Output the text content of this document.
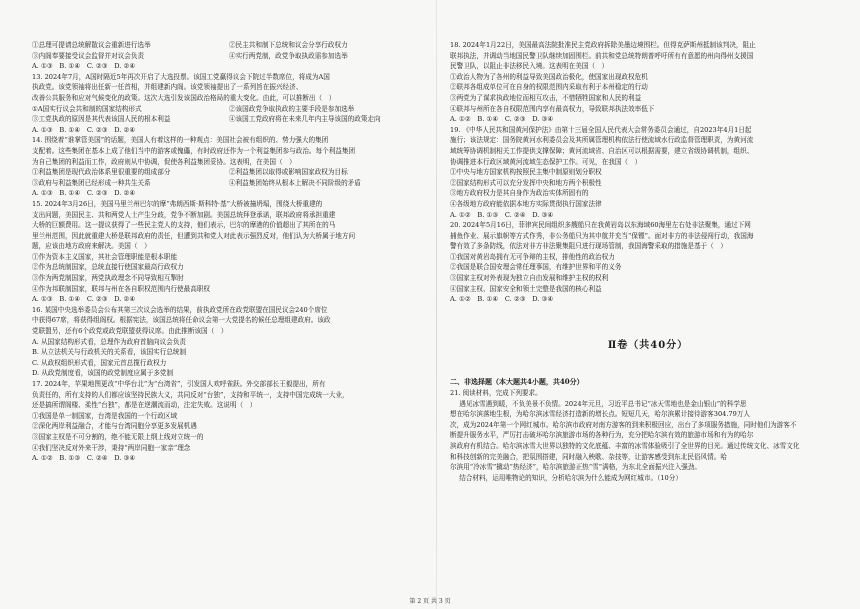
①总理可提请总统解散议会重新进行选举	②民主共和制下总统和议会分享行政权力
③内阁奉要接受议会监督并对议会负责	④实行两党制，政党争取执政需参加选举

A. ①③　B. ①④　C. ②③　D. ②④

13. 2024年7月，A国时隔近5年再次开启了大选投票。该国工党赢得议会下院过半数席位，将成为A国

执政党。该党领袖将出任新一任首相，并组建新内阁。该党领袖提出了一系列旨在振兴经济、

改善公共服务和应对气候变化的政策。这次大选引发该国政治格局的重大变化。由此，可以推断出（　）

①A国实行议会共和制的国家结构形式	②该国政党争取执政的主要手段是参加选举
③工党执政的原因是其代表该国人民的根本利益	④该国工党政府将在未来几年内主导该国的政策走向

A. ①③　B. ①④　C. ②③　D. ②④

14. 围绕着“谁掌管美国”的话题，美国人有着这样的一种观点：美国社会被有组织的、势力强大的集团

支配着。这些集团在基本上成了他们当中的游客或傀儡，有时政府还作为一个利益集团参与政治。每个利益集团

为自己集团的利益而工作，政府则从中协调，促使各利益集团妥协。这表明，在美国（　）

①利益集团是现代政治体系里很重要的组成部分	②利益集团以取得或影响国家政权为目标
③政府与利益集团已经形成一种共生关系	④利益集团始终从根本上解决不同阶级的矛盾

A. ①③　B. ①④　C. ②③　D. ②④

15. 2024年3月26日，美国马里兰州巴尔的摩“弗朗西斯·斯科特·基”大桥被撞坍塌，围绕大桥重建的

支出问题，美国民主、共和两党人士产生分歧，党争不断加剧。美国总统拜登承诺，联邦政府将承担重建

大桥的巨额费用。这一提议获得了一些民主党人的支持，他们表示，巴尔的摩港的价值超出了其所在的马

里兰州范围，因此就重建大桥是联邦政府的责任，但遭到共和党人对此表示强烈反对，他们认为大桥属于地方问

题，应该由地方政府来解决。美国（　）

①作为资本主义国家，其社会管理职能是根本职能

②作为总统制国家，总统直接行使国家最高行政权力

③作为两党制国家，两党执政理念不同导致相互掣肘

④作为邦联制国家，联邦与州在各自职权范围内行使最高职权

A. ①③　B. ①④　C. ②③　D. ②④

16. 某国中央选举委员会公布其第三次议会选举的结果，前执政党所在政党联盟在国民议会240个席位

中获得67席，将获得组阁权。根据宪法，该国总统将任命议会第一大党提名的候任总理组建政府。该政

党联盟另，还有6个政党或政党联盟获得议席。由此推断该国（　）

A. 从国家结构形式看，总理作为政府首脑向议会负责

B. 从立法机关与行政机关的关系看，该国实行总统制

C. 从政权组织形式看，国家元首总揽行政权力

D. 从政党制度看，该国的政党制度应属于多党制

17. 2024年，苹果地图更改“中华台北”为“台湾省”，引发国人欢呼雀跃。外交部部长王毅提出，所有

负责任的，所有支持的人们都应该坚持民族大义，共同反对“台独”，支持和平统一，支持中国完成统一大业，

还是搞所谓阁楼、柔性“台独”，都是在逆潮流而动，注定失败。这说明（　）

①我国是单一制国家，台湾是我国的一个行政区域

②深化两岸利益融合，才能与台湾同胞分享更多发展机遇

③国家主权是不可分割的，绝不能无限上纲上线对立统一的

④我们坚决反对外来干涉，秉持“两岸同胞一家亲”理念

A. ①②　B. ①③　C. ②④　D. ③④

18. 2024年1月22日，美国最高法院批准民主党政府拆除美墨边境围栏。但得克萨斯州抵制该判决，阻止

联邦执法，并调动当地国民警卫队继续加固围栏。前共和党总统特朗普呼吁所有有意愿的州向得州支援国

民警卫队，以阻止非法移民入境。这表明在美国（　）

①政治人物为了各州的利益导致美国政治极化，使国家出现政权危机

②联邦各组成单位可在自身的权限范围内采取有利于本州稳定的行动

③两党为了谋求执政地位而相互攻击，不惜牺牲国家和人民的利益

④联邦与州所在各自权限范围内享有最高权力，导致联邦执法效率低下

A. ①②　B. ①④　C. ②③　D. ③④

19. 《中华人民共和国黄河保护法》由第十三届全国人民代表大会常务委员会通过，自2023年4月1日起

施行；该法规定：国务院黄河水利委员会及其所属管理机构依法行使流域水行政监督管理职责，为黄河流

域统筹协调机制相关工作提供支撑保障；黄河流域省、自治区可以根据需要，建立省级协调机制，组织、

协调推进本行政区域黄河流域生态保护工作。可见，在我国（　）

①中央与地方国家机构按照民主集中制原则划分职权

②国家结构形式可以充分发挥中央和地方两个积极性

③地方政府权力是其自身作为政治实体所固有的

④各级地方政府能依据本地方实际贯彻执行国家法律

A. ①②　B. ①③　C. ②④　D. ③④

20. 2024年5月16日，菲律宾民间组织多艘船只在我黄岩岛以东海域60海里左右处非法聚集，通过下网

捕鱼作业、展示旗帜等方式作秀，非公务船只为其申航并充当“保镖”。面对非方的非法侵闯行动，我国海

警有效了多条防线，依法对非方非法聚集阻只进行现场管制，我国海警采取的措施是基于（　）

①我国对黄岩岛拥有无可争辩的主权，排他性的政治权力

②我国是联合国安理会常任理事国，有维护世界和平的义务

③国家主权对外表现为独立自由发展和维护主权的权利

④国家主权、国家安全和领土完整是我国的核心利益

A. ①②　B. ①④　C. ②③　D. ③④

Ⅱ卷（共40分）

二、非选择题（本大题共4小题，共40分）

21. 阅读材料，完成下列要求。

遇见冰雪遇到暖，不负美景不负情。2024年元旦，习近平总书记“冰天雪地也是金山银山”的科学思

想在哈尔滨落地生根，为哈尔滨冰雪经济打造新的增长点。短短几天，哈尔滨累计接待游客304.79万人

次，成为2024年第一个网红城市。哈尔滨市政府对南方游客的到来积极回应，出台了多项服务措施，同时他们为游客不

断提升服务水平，严厉打击破坏哈尔滨旅游市场的各种行为，充分把哈尔滨有效的旅游市场和有为的哈尔

滨政府有机结合。哈尔滨冰雪大世界以独特的文化底蕴、丰富的冰雪体验吸引了全世界的目光。通过传统文化、冰雪文化

和科技创新的完美融合，把氛围搭建，同时融入秧歌、杂技等，让游客感受到东北民俗风情。哈

尔滨用“冷冰雪”撬动“热经济”，哈尔滨旅游正热“雪”满格，为东北全面振兴注入强劲。

结合材料，运用唯物论的知识，分析哈尔滨为什么能成为网红城市。（10分）

第 2 页 共 3 页
